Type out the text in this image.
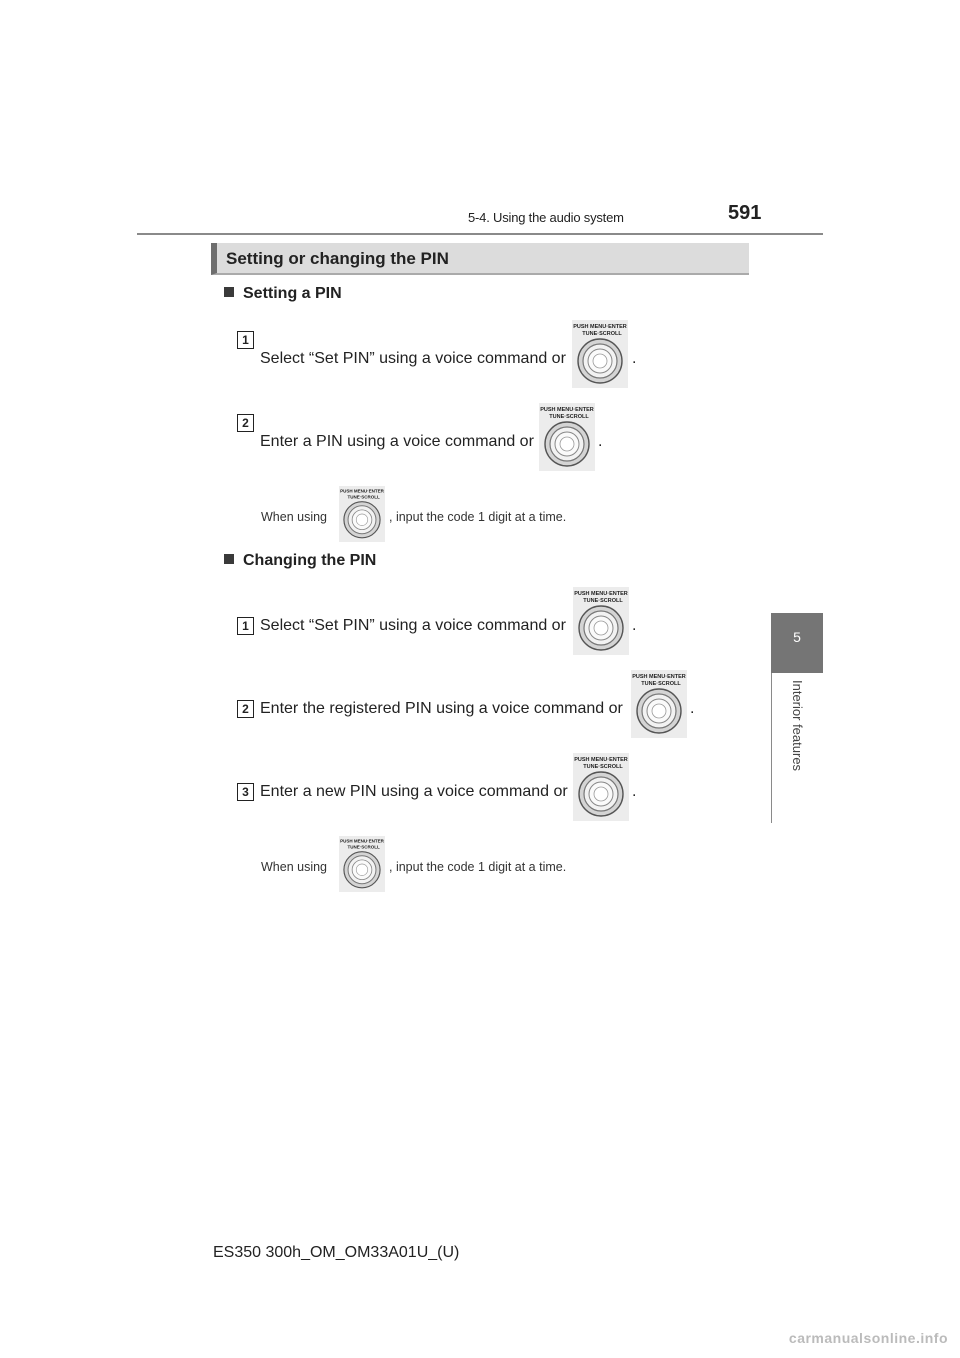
5-4. Using the audio system	591
5
Interior features
Setting or changing the PIN
Setting a PIN
1
Select “Set PIN” using a voice command or
PUSH MENU·ENTER
TUNE·SCROLL
.
2
Enter a PIN using a voice command or
PUSH MENU·ENTER
TUNE·SCROLL
.
When using
PUSH MENU·ENTER
TUNE·SCROLL
, input the code 1 digit at a time.
Changing the PIN
1 Select “Set PIN” using a voice command or
PUSH MENU·ENTER
TUNE·SCROLL
.
2 Enter the registered PIN using a voice command or
PUSH MENU·ENTER
TUNE·SCROLL
.
3 Enter a new PIN using a voice command or
PUSH MENU·ENTER
TUNE·SCROLL
.
When using
PUSH MENU·ENTER
TUNE·SCROLL
, input the code 1 digit at a time.
ES350 300h_OM_OM33A01U_(U)
carmanualsonline.info
